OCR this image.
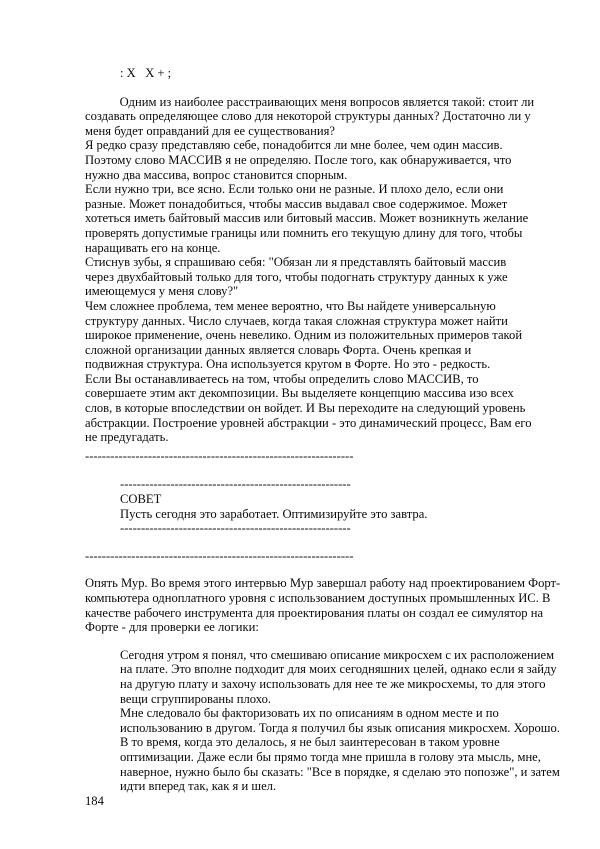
: X   X + ;
Одним из наиболее расстраивающих меня вопросов является такой: стоит ли
создавать определяющее слово для некоторой структуры данных? Достаточно ли у
меня будет оправданий для ее существования?
Я редко сразу представляю себе, понадобится ли мне более, чем один массив.
Поэтому слово МАССИВ я не определяю. После того, как обнаруживается, что
нужно два массива, вопрос становится спорным.
Если нужно три, все ясно. Если только они не разные. И плохо дело, если они
разные. Может понадобиться, чтобы массив выдавал свое содержимое. Может
хотеться иметь байтовый массив или битовый массив. Может возникнуть желание
проверять допустимые границы или помнить его текущую длину для того, чтобы
наращивать его на конце.
Стиснув зубы, я спрашиваю себя: "Обязан ли я представлять байтовый массив
через двухбайтовый только для того, чтобы подогнать структуру данных к уже
имеющемуся у меня слову?"
Чем сложнее проблема, тем менее вероятно, что Вы найдете универсальную
структуру данных. Число случаев, когда такая сложная структура может найти
широкое применение, очень невелико. Одним из положительных примеров такой
сложной организации данных является словарь Форта. Очень крепкая и
подвижная структура. Она используется кругом в Форте. Но это - редкость.
Если Вы останавливаетесь на том, чтобы определить слово МАССИВ, то
совершаете этим акт декомпозиции. Вы выделяете концепцию массива изо всех
слов, в которые впоследствии он войдет. И Вы переходите на следующий уровень
абстракции. Построение уровней абстракции - это динамический процесс, Вам его
не предугадать.
----------------------------------------------------------------
-------------------------------------------------------
СОВЕТ
Пусть сегодня это заработает. Оптимизируйте это завтра.
-------------------------------------------------------
----------------------------------------------------------------
Опять Мур. Во время этого интервью Мур завершал работу над проектированием Форт-
компьютера одноплатного уровня с использованием доступных промышленных ИС. В
качестве рабочего инструмента для проектирования платы он создал ее симулятор на
Форте - для проверки ее логики:
Сегодня утром я понял, что смешиваю описание микросхем с их расположением
на плате. Это вполне подходит для моих сегодняшних целей, однако если я зайду
на другую плату и захочу использовать для нее те же микросхемы, то для этого
вещи сгруппированы плохо.
Мне следовало бы факторизовать их по описаниям в одном месте и по
использованию в другом. Тогда я получил бы язык описания микросхем. Хорошо.
В то время, когда это делалось, я не был заинтересован в таком уровне
оптимизации. Даже если бы прямо тогда мне пришла в голову эта мысль, мне,
наверное, нужно было бы сказать: "Все в порядке, я сделаю это попозже", и затем
идти вперед так, как я и шел.
184
